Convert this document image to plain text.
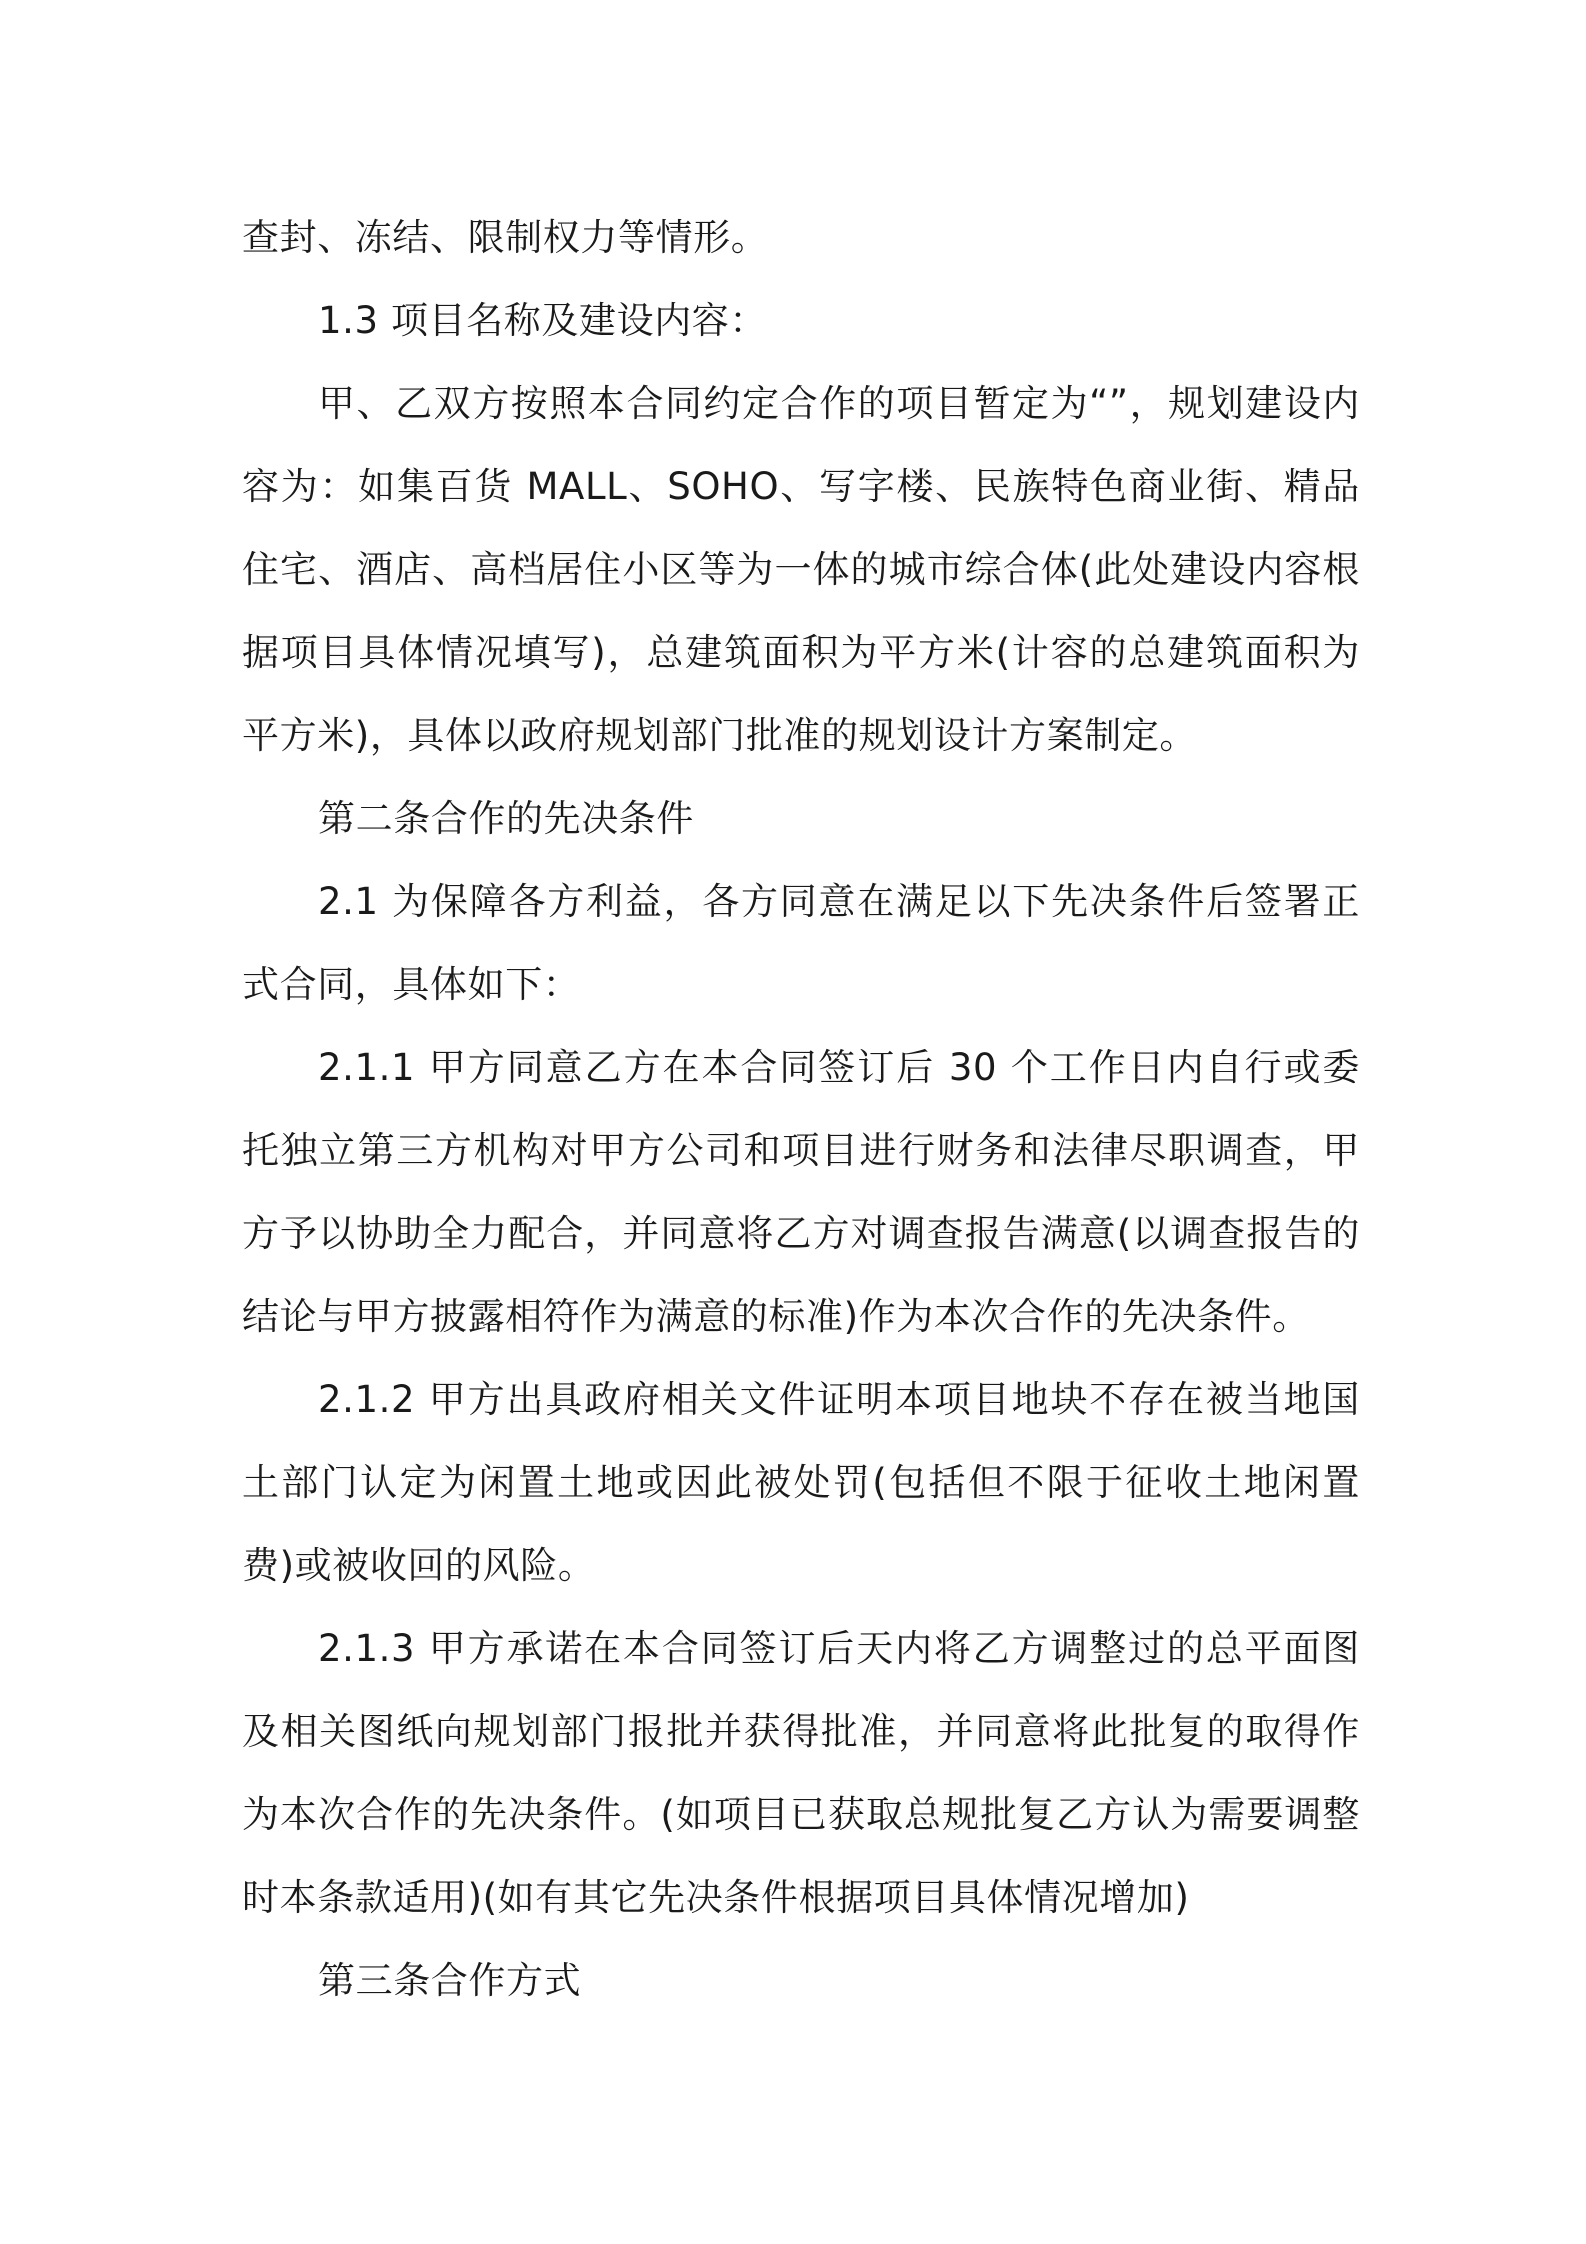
查封、冻结、限制权力等情形。

1.3 项目名称及建设内容：

甲、乙双方按照本合同约定合作的项目暂定为“”，规划建设内容为：如集百货 MALL、SOHO、写字楼、民族特色商业街、精品住宅、酒店、高档居住小区等为一体的城市综合体(此处建设内容根据项目具体情况填写)，总建筑面积为平方米(计容的总建筑面积为平方米)，具体以政府规划部门批准的规划设计方案制定。

第二条合作的先决条件

2.1 为保障各方利益，各方同意在满足以下先决条件后签署正式合同，具体如下：

2.1.1 甲方同意乙方在本合同签订后 30 个工作日内自行或委托独立第三方机构对甲方公司和项目进行财务和法律尽职调查，甲方予以协助全力配合，并同意将乙方对调查报告满意(以调查报告的结论与甲方披露相符作为满意的标准)作为本次合作的先决条件。

2.1.2 甲方出具政府相关文件证明本项目地块不存在被当地国土部门认定为闲置土地或因此被处罚(包括但不限于征收土地闲置费)或被收回的风险。

2.1.3 甲方承诺在本合同签订后天内将乙方调整过的总平面图及相关图纸向规划部门报批并获得批准，并同意将此批复的取得作为本次合作的先决条件。(如项目已获取总规批复乙方认为需要调整时本条款适用)(如有其它先决条件根据项目具体情况增加)

第三条合作方式
